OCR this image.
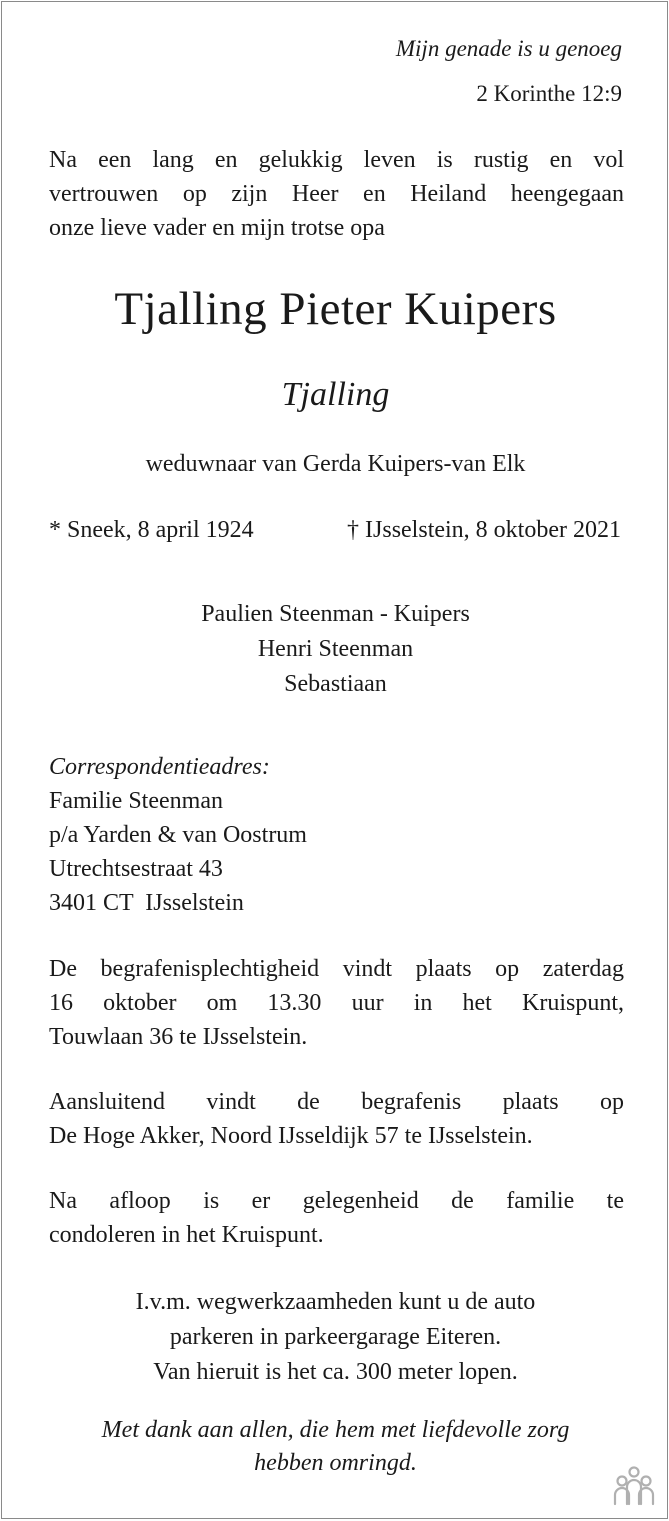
Mijn genade is u genoeg

2 Korinthe 12:9

Na een lang en gelukkig leven is rustig en vol
vertrouwen op zijn Heer en Heiland heengegaan
onze lieve vader en mijn trotse opa
Tjalling Pieter Kuipers

Tjalling

weduwnaar van Gerda Kuipers-van Elk

* Sneek, 8 april 1924	† IJsselstein, 8 oktober 2021

Paulien Steenman - Kuipers
Henri Steenman
Sebastiaan
Correspondentieadres:
Familie Steenman
p/a Yarden & van Oostrum
Utrechtsestraat 43
3401 CT  IJsselstein
De begrafenisplechtigheid vindt plaats op zaterdag
16 oktober om 13.30 uur in het Kruispunt,
Touwlaan 36 te IJsselstein.
Aansluitend vindt de begrafenis plaats op
De Hoge Akker, Noord IJsseldijk 57 te IJsselstein.
Na afloop is er gelegenheid de familie te
condoleren in het Kruispunt.
I.v.m. wegwerkzaamheden kunt u de auto
parkeren in parkeergarage Eiteren.
Van hieruit is het ca. 300 meter lopen.
Met dank aan allen, die hem met liefdevolle zorg
hebben omringd.
